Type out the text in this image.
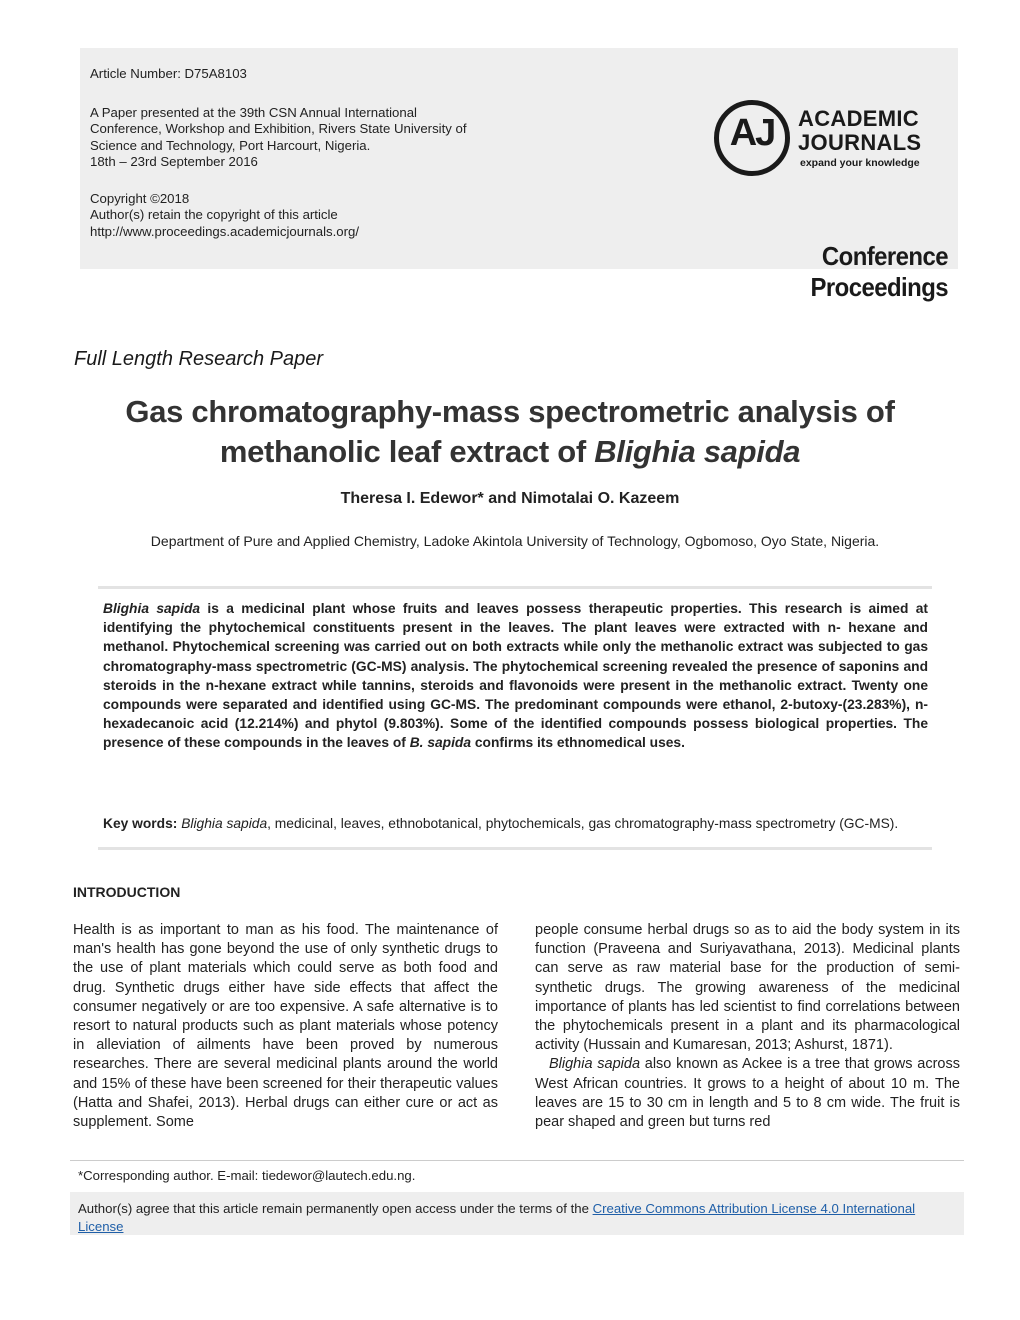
Article Number: D75A8103

A Paper presented at the 39th CSN Annual International

Conference, Workshop and Exhibition, Rivers State University of

Science and Technology, Port Harcourt, Nigeria.

18th – 23rd September 2016

Copyright ©2018

Author(s) retain the copyright of this article

http://www.proceedings.academicjournals.org/

AJ	ACADEMIC
JOURNALS
expand your knowledge
Conference Proceedings
Full Length Research Paper
Gas chromatography-mass spectrometric analysis of
methanolic leaf extract of Blighia sapida
Theresa I. Edewor* and Nimotalai O. Kazeem
Department of Pure and Applied Chemistry, Ladoke Akintola University of Technology, Ogbomoso, Oyo State, Nigeria.
Blighia sapida is a medicinal plant whose fruits and leaves possess therapeutic properties. This research is aimed at identifying the phytochemical constituents present in the leaves. The plant leaves were extracted with n- hexane and methanol. Phytochemical screening was carried out on both extracts while only the methanolic extract was subjected to gas chromatography-mass spectrometric (GC-MS) analysis. The phytochemical screening revealed the presence of saponins and steroids in the n-hexane extract while tannins, steroids and flavonoids were present in the methanolic extract. Twenty one compounds were separated and identified using GC-MS. The predominant compounds were ethanol, 2-butoxy-(23.283%), n-hexadecanoic acid (12.214%) and phytol (9.803%). Some of the identified compounds possess biological properties. The presence of these compounds in the leaves of B. sapida confirms its ethnomedical uses.
Key words: Blighia sapida, medicinal, leaves, ethnobotanical, phytochemicals, gas chromatography-mass spectrometry (GC-MS).
INTRODUCTION

Health is as important to man as his food. The maintenance of man's health has gone beyond the use of only synthetic drugs to the use of plant materials which could serve as both food and drug. Synthetic drugs either have side effects that affect the consumer negatively or are too expensive. A safe alternative is to resort to natural products such as plant materials whose potency in alleviation of ailments have been proved by numerous researches. There are several medicinal plants around the world and 15% of these have been screened for their therapeutic values (Hatta and Shafei, 2013). Herbal drugs can either cure or act as supplement. Some

people consume herbal drugs so as to aid the body system in its function (Praveena and Suriyavathana, 2013). Medicinal plants can serve as raw material base for the production of semi- synthetic drugs. The growing awareness of the medicinal importance of plants has led scientist to find correlations between the phytochemicals present in a plant and its pharmacological activity (Hussain and Kumaresan, 2013; Ashurst, 1871).

Blighia sapida also known as Ackee is a tree that grows across West African countries. It grows to a height of about 10 m. The leaves are 15 to 30 cm in length and 5 to 8 cm wide. The fruit is pear shaped and green but turns red

*Corresponding author. E-mail: tiedewor@lautech.edu.ng.
Author(s) agree that this article remain permanently open access under the terms of the Creative Commons Attribution License 4.0 International License
